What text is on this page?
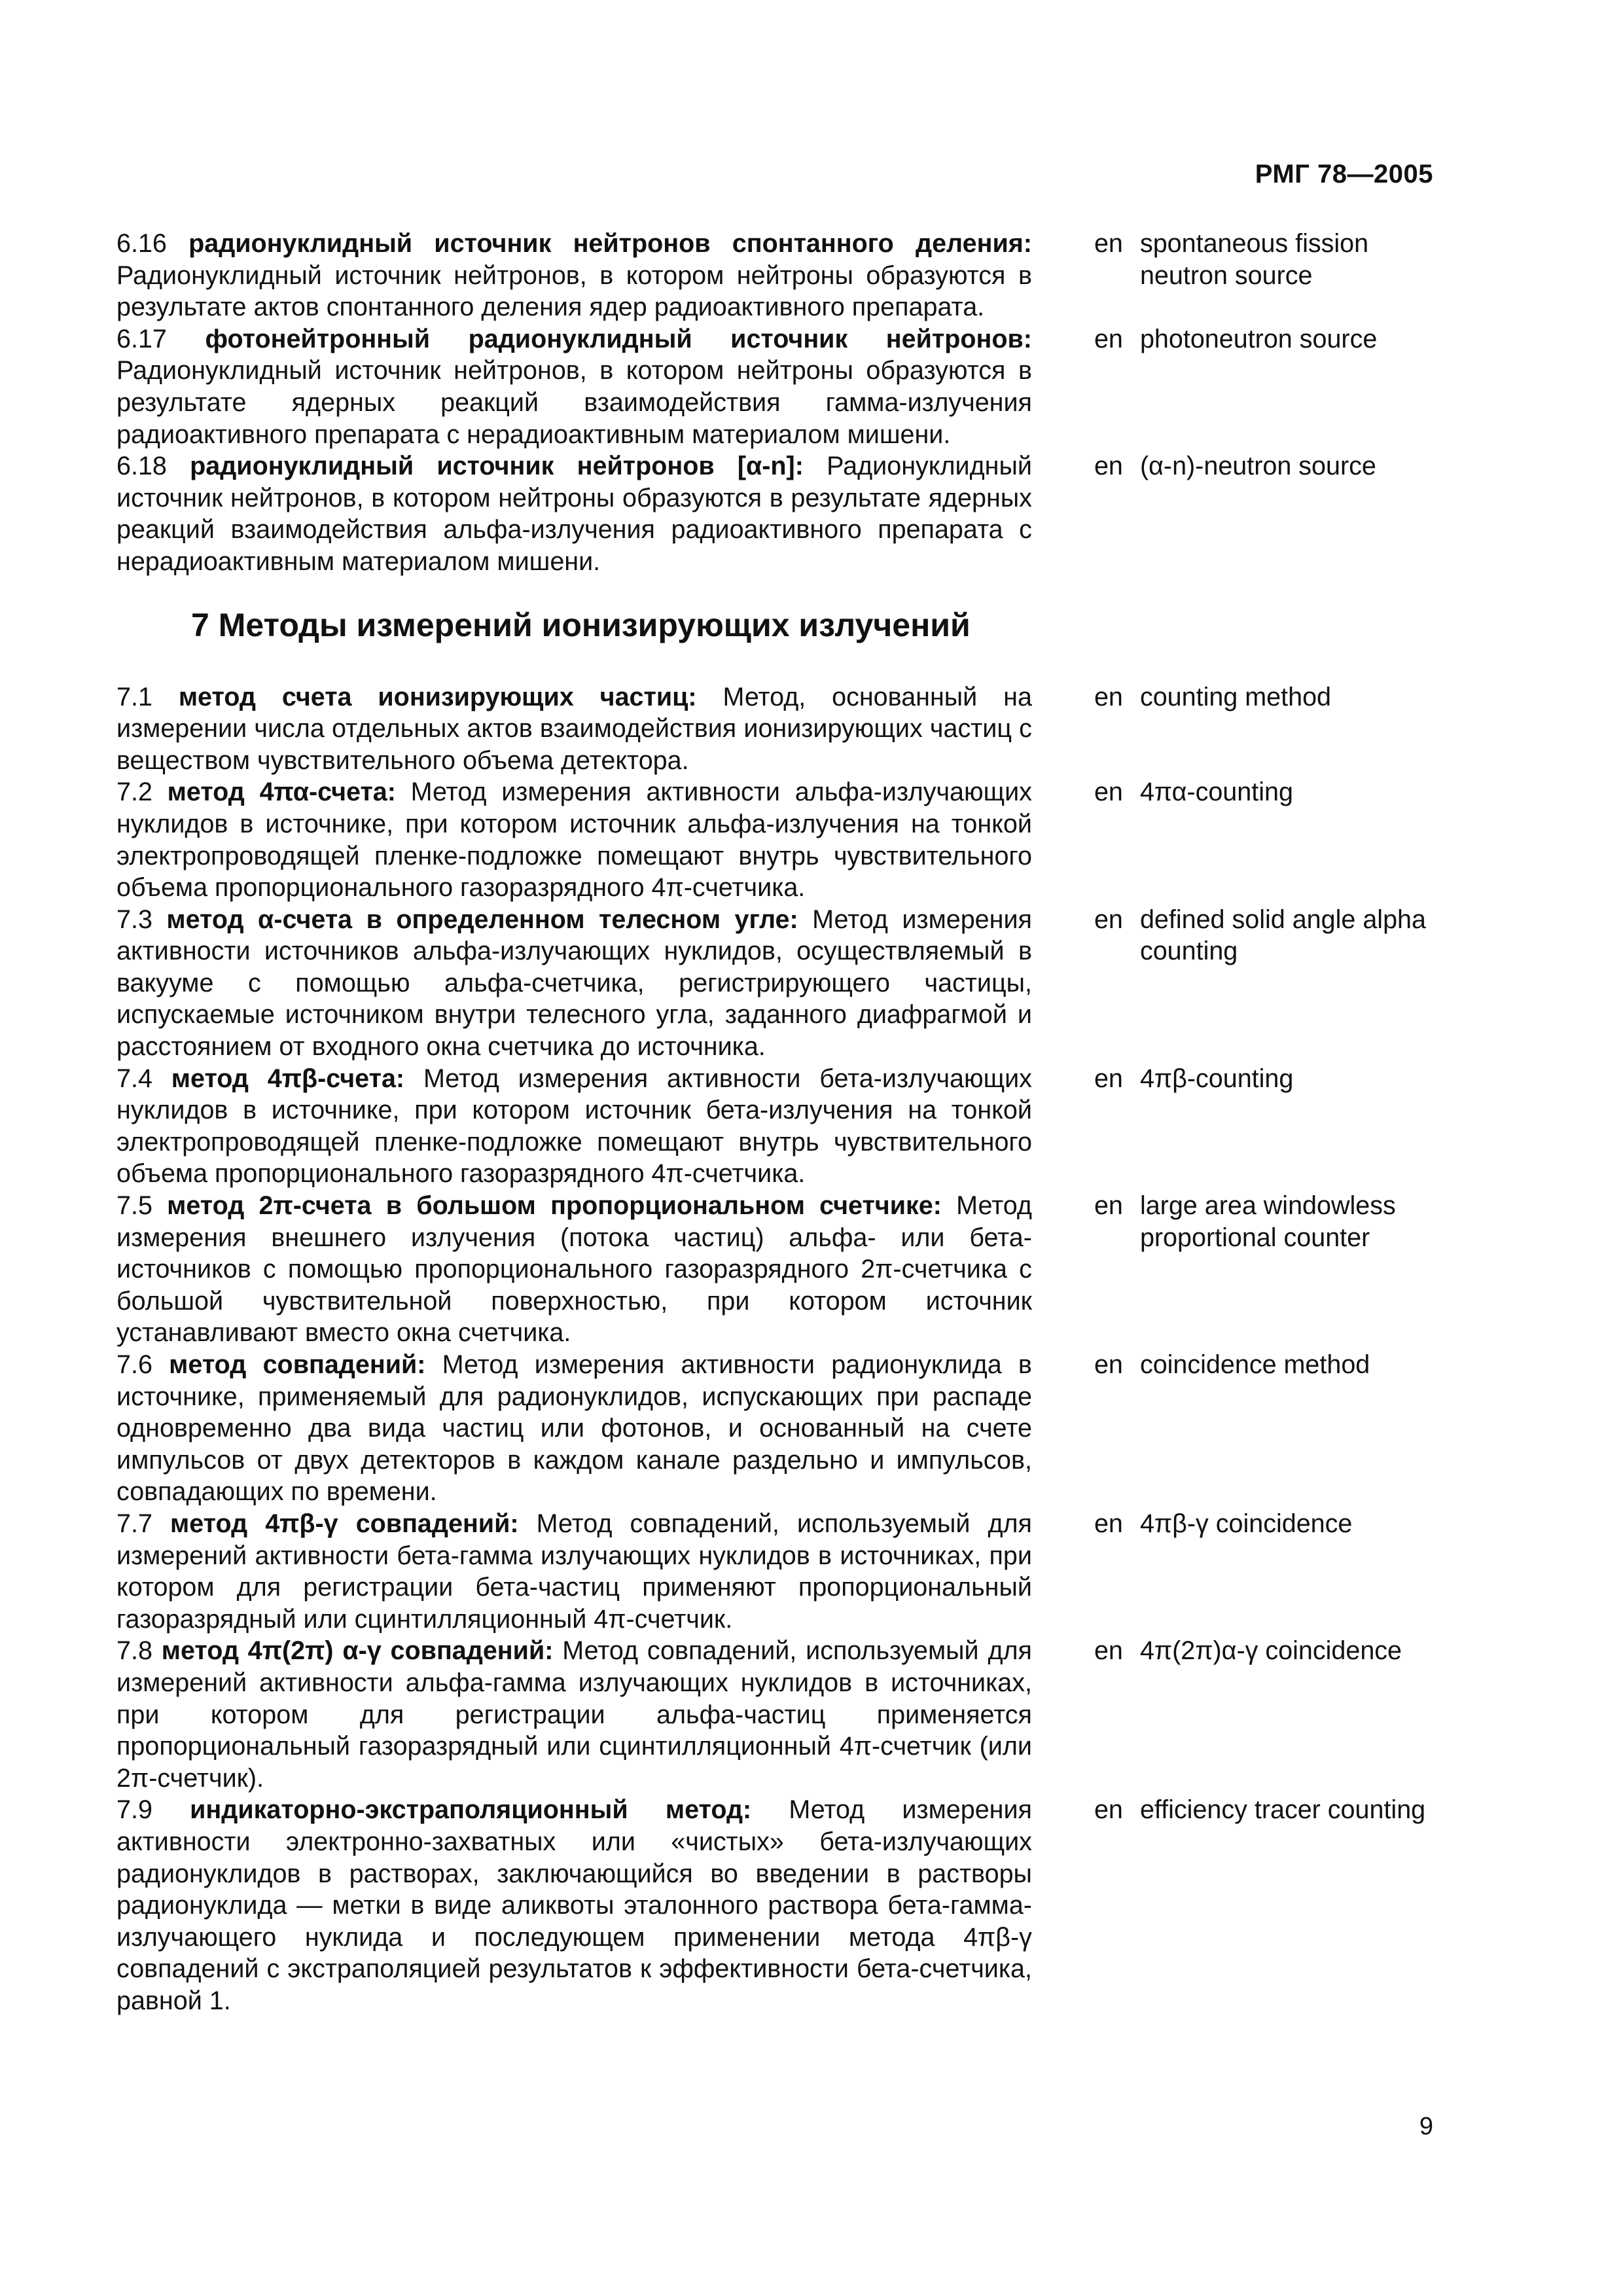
РМГ 78—2005
6.16 радионуклидный источник нейтронов спонтанного деления: Радионуклидный источник нейтронов, в котором нейтроны образуются в результате актов спонтанного деления ядер радиоактивного препарата.
en spontaneous fission neutron source
6.17 фотонейтронный радионуклидный источник нейтронов: Радионуклидный источник нейтронов, в котором нейтроны образуются в результате ядерных реакций взаимодействия гамма-излучения радиоактивного препарата с нерадиоактивным материалом мишени.
en photoneutron source
6.18 радионуклидный источник нейтронов [α-n]: Радионуклидный источник нейтронов, в котором нейтроны образуются в результате ядерных реакций взаимодействия альфа-излучения радиоактивного препарата с нерадиоактивным материалом мишени.
en (α-n)-neutron source
7 Методы измерений ионизирующих излучений
7.1 метод счета ионизирующих частиц: Метод, основанный на измерении числа отдельных актов взаимодействия ионизирующих частиц с веществом чувствительного объема детектора.
en counting method
7.2 метод 4πα-счета: Метод измерения активности альфа-излучающих нуклидов в источнике, при котором источник альфа-излучения на тонкой электропроводящей пленке-подложке помещают внутрь чувствительного объема пропорционального газоразрядного 4π-счетчика.
en 4πα-counting
7.3 метод α-счета в определенном телесном угле: Метод измерения активности источников альфа-излучающих нуклидов, осуществляемый в вакууме с помощью альфа-счетчика, регистрирующего частицы, испускаемые источником внутри телесного угла, заданного диафрагмой и расстоянием от входного окна счетчика до источника.
en defined solid angle alpha counting
7.4 метод 4πβ-счета: Метод измерения активности бета-излучающих нуклидов в источнике, при котором источник бета-излучения на тонкой электропроводящей пленке-подложке помещают внутрь чувствительного объема пропорционального газоразрядного 4π-счетчика.
en 4πβ-counting
7.5 метод 2π-счета в большом пропорциональном счетчике: Метод измерения внешнего излучения (потока частиц) альфа- или бета-источников с помощью пропорционального газоразрядного 2π-счетчика с большой чувствительной поверхностью, при котором источник устанавливают вместо окна счетчика.
en large area windowless proportional counter
7.6 метод совпадений: Метод измерения активности радионуклида в источнике, применяемый для радионуклидов, испускающих при распаде одновременно два вида частиц или фотонов, и основанный на счете импульсов от двух детекторов в каждом канале раздельно и импульсов, совпадающих по времени.
en coincidence method
7.7 метод 4πβ-γ совпадений: Метод совпадений, используемый для измерений активности бета-гамма излучающих нуклидов в источниках, при котором для регистрации бета-частиц применяют пропорциональный газоразрядный или сцинтилляционный 4π-счетчик.
en 4πβ-γ coincidence
7.8 метод 4π(2π) α-γ совпадений: Метод совпадений, используемый для измерений активности альфа-гамма излучающих нуклидов в источниках, при котором для регистрации альфа-частиц применяется пропорциональный газоразрядный или сцинтилляционный 4π-счетчик (или 2π-счетчик).
en 4π(2π)α-γ coincidence
7.9 индикаторно-экстраполяционный метод: Метод измерения активности электронно-захватных или «чистых» бета-излучающих радионуклидов в растворах, заключающийся во введении в растворы радионуклида — метки в виде аликвоты эталонного раствора бета-гамма-излучающего нуклида и последующем применении метода 4πβ-γ совпадений с экстраполяцией результатов к эффективности бета-счетчика, равной 1.
en efficiency tracer counting
9
